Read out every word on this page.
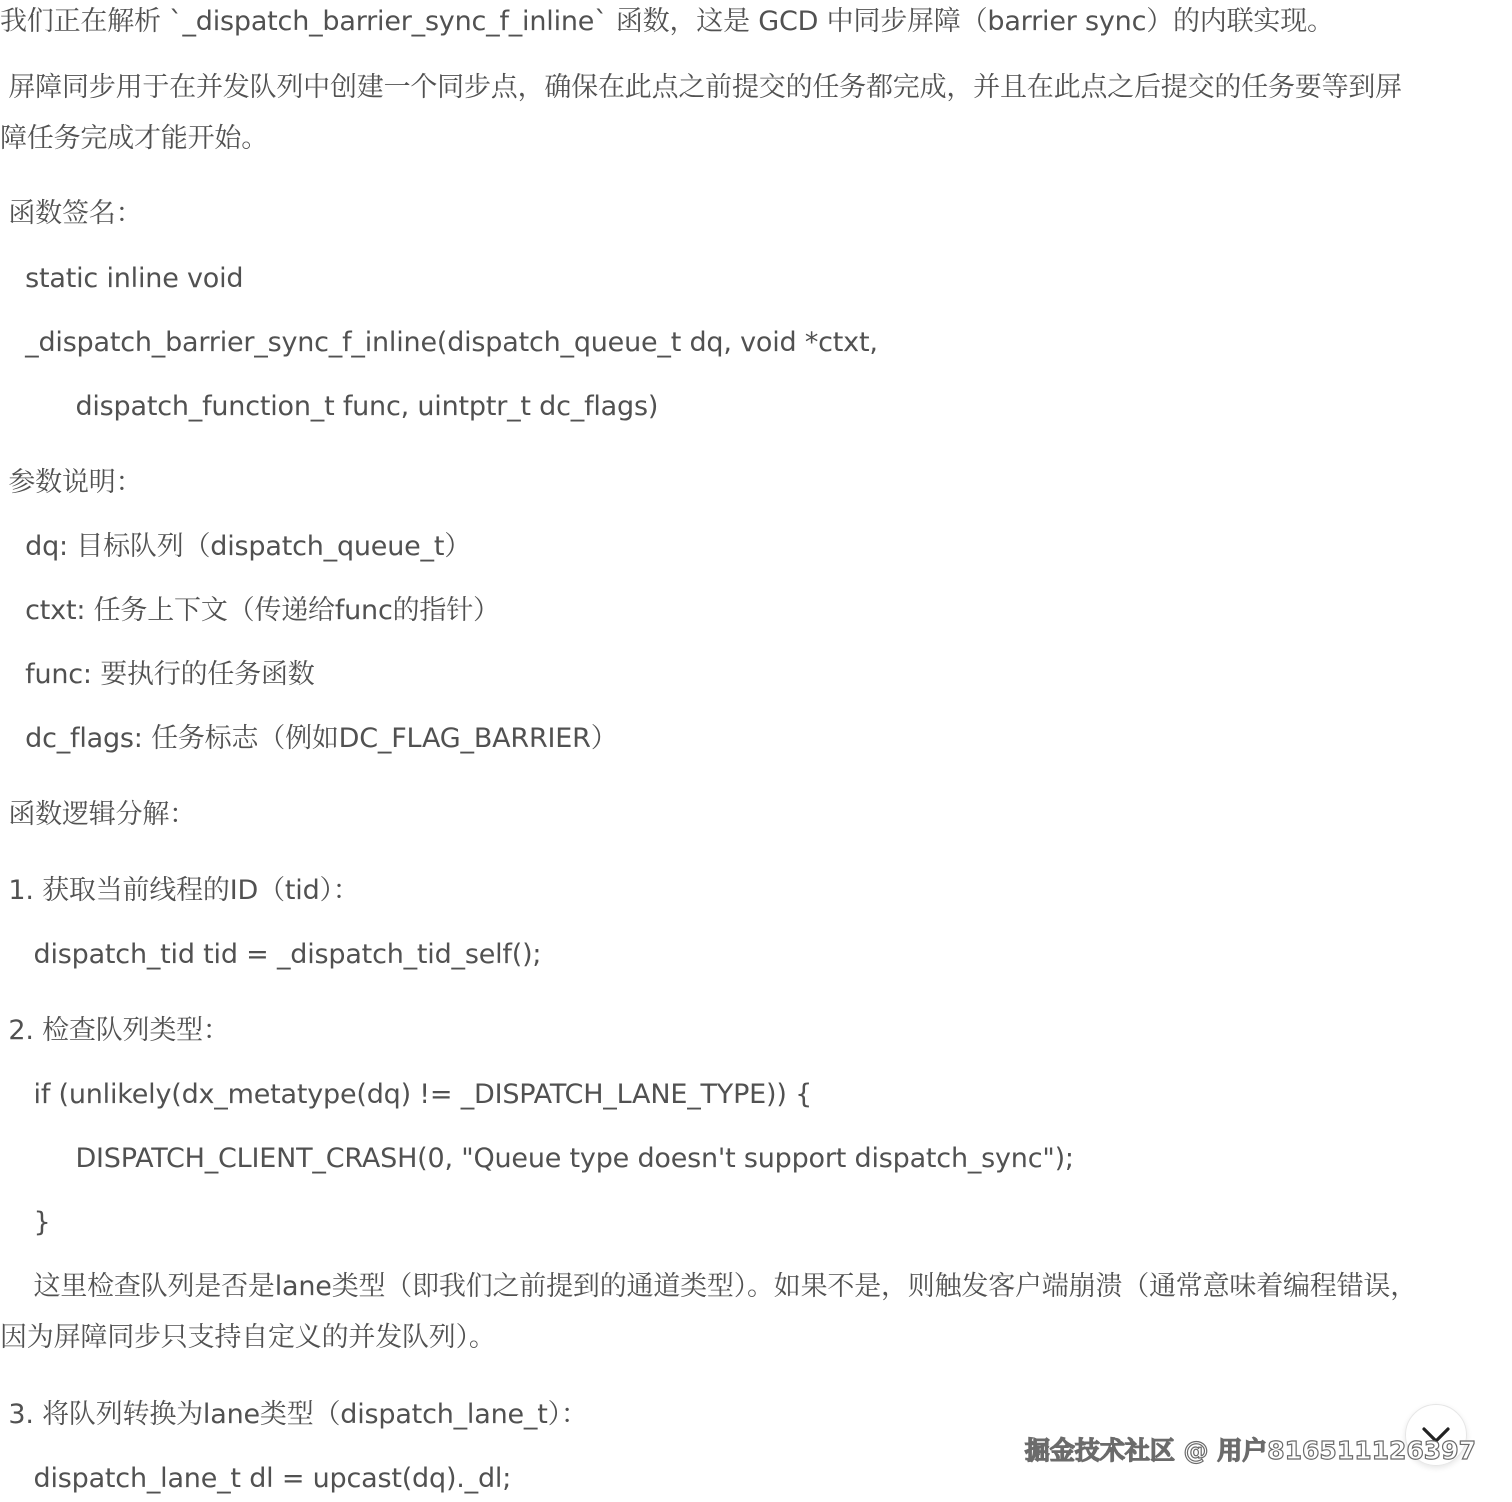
我们正在解析 `_dispatch_barrier_sync_f_inline` 函数，这是 GCD 中同步屏障（barrier sync）的内联实现。
屏障同步用于在并发队列中创建一个同步点，确保在此点之前提交的任务都完成，并且在此点之后提交的任务要等到屏
障任务完成才能开始。
函数签名：
static inline void
_dispatch_barrier_sync_f_inline(dispatch_queue_t dq, void *ctxt,
dispatch_function_t func, uintptr_t dc_flags)
参数说明：
dq: 目标队列（dispatch_queue_t）
ctxt: 任务上下文（传递给func的指针）
func: 要执行的任务函数
dc_flags: 任务标志（例如DC_FLAG_BARRIER）
函数逻辑分解：
1. 获取当前线程的ID（tid）：
dispatch_tid tid = _dispatch_tid_self();
2. 检查队列类型：
if (unlikely(dx_metatype(dq) != _DISPATCH_LANE_TYPE)) {
DISPATCH_CLIENT_CRASH(0, "Queue type doesn't support dispatch_sync");
}
这里检查队列是否是lane类型（即我们之前提到的通道类型）。如果不是，则触发客户端崩溃（通常意味着编程错误，
因为屏障同步只支持自定义的并发队列）。
3. 将队列转换为lane类型（dispatch_lane_t）：
dispatch_lane_t dl = upcast(dq)._dl;
掘金技术社区 @ 用户816511126397
